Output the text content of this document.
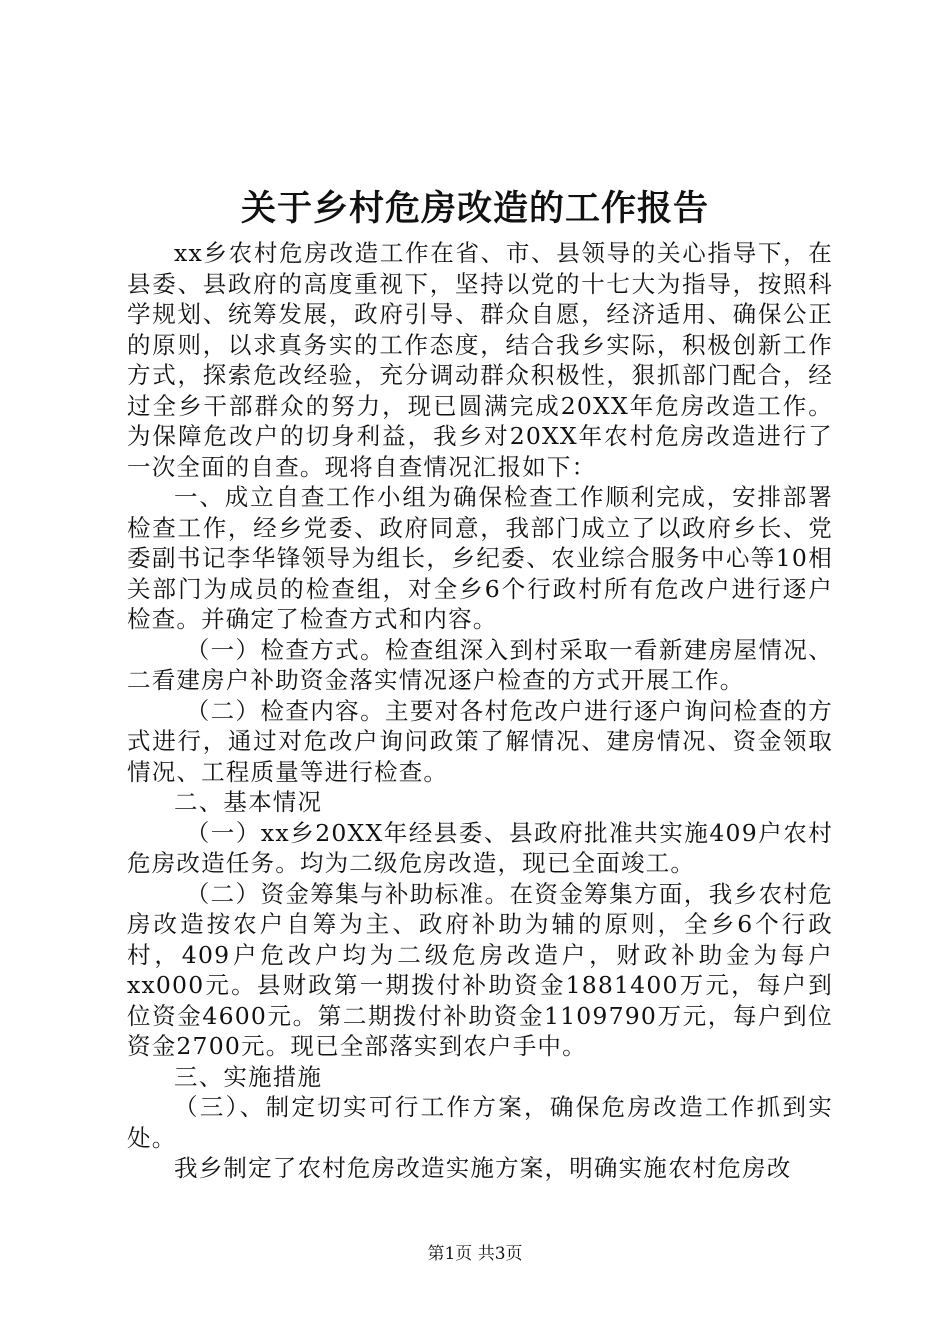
关于乡村危房改造的工作报告

xx乡农村危房改造工作在省、市、县领导的关心指导下，在县委、县政府的高度重视下，坚持以党的十七大为指导，按照科学规划、统筹发展，政府引导、群众自愿，经济适用、确保公正的原则，以求真务实的工作态度，结合我乡实际，积极创新工作方式，探索危改经验，充分调动群众积极性，狠抓部门配合，经过全乡干部群众的努力，现已圆满完成20XX年危房改造工作。为保障危改户的切身利益，我乡对20XX年农村危房改造进行了一次全面的自查。现将自查情况汇报如下：

一、成立自查工作小组为确保检查工作顺利完成，安排部署检查工作，经乡党委、政府同意，我部门成立了以政府乡长、党委副书记李华锋领导为组长，乡纪委、农业综合服务中心等10相关部门为成员的检查组，对全乡6个行政村所有危改户进行逐户检查。并确定了检查方式和内容。

（一）检查方式。检查组深入到村采取一看新建房屋情况、二看建房户补助资金落实情况逐户检查的方式开展工作。

（二）检查内容。主要对各村危改户进行逐户询问检查的方式进行，通过对危改户询问政策了解情况、建房情况、资金领取情况、工程质量等进行检查。

二、基本情况

（一）xx乡20XX年经县委、县政府批准共实施409户农村危房改造任务。均为二级危房改造，现已全面竣工。

（二）资金筹集与补助标准。在资金筹集方面，我乡农村危房改造按农户自筹为主、政府补助为辅的原则，全乡6个行政村，409户危改户均为二级危房改造户，财政补助金为每户xx000元。县财政第一期拨付补助资金1881400万元，每户到位资金4600元。第二期拨付补助资金1109790万元，每户到位资金2700元。现已全部落实到农户手中。

三、实施措施

（三）、制定切实可行工作方案，确保危房改造工作抓到实处。

我乡制定了农村危房改造实施方案，明确实施农村危房改

第1页 共3页
